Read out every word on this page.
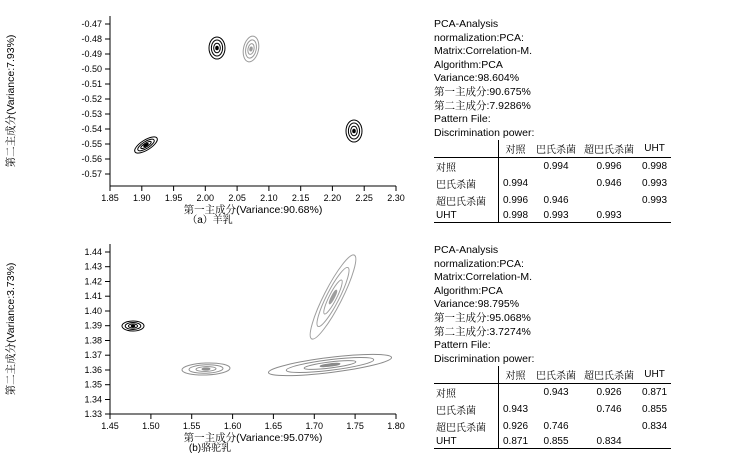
-0.47
-0.48
-0.49
-0.50
-0.51
-0.52
-0.53
-0.54
-0.55
-0.56
-0.57
1.85 1.90 1.95 2.00 2.05 2.10 2.15 2.20 2.25 2.30
第一主成分(Variance:90.68%)
第二主成分(Variance:7.93%)
（a）羊乳
PCA-Analysis
normalization:PCA:
Matrix:Correlation-M.
Algorithm:PCA
Variance:98.604%
第一主成分:90.675%
第二主成分:7.9286%
Pattern File:
Discrimination power:
	对照	巴氏杀菌	超巴氏杀菌	UHT
对照		0.994	0.996	0.998
巴氏杀菌	0.994		0.946	0.993
超巴氏杀菌	0.996	0.946		0.993
UHT	0.998	0.993	0.993	
1.44
1.43
1.42
1.41
1.40
1.39
1.38
1.37
1.36
1.35
1.34
1.33
1.45	1.50	1.55	1.60	1.65	1.70	1.75	1.80
第一主成分(Variance:95.07%)
第二主成分(Variance:3.73%)
(b)骆驼乳
PCA-Analysis
normalization:PCA:
Matrix:Correlation-M.
Algorithm:PCA
Variance:98.795%
第一主成分:95.068%
第二主成分:3.7274%
Pattern File:
Discrimination power:
	对照	巴氏杀菌	超巴氏杀菌	UHT
对照		0.943	0.926	0.871
巴氏杀菌	0.943		0.746	0.855
超巴氏杀菌	0.926	0.746		0.834
UHT	0.871	0.855	0.834	
